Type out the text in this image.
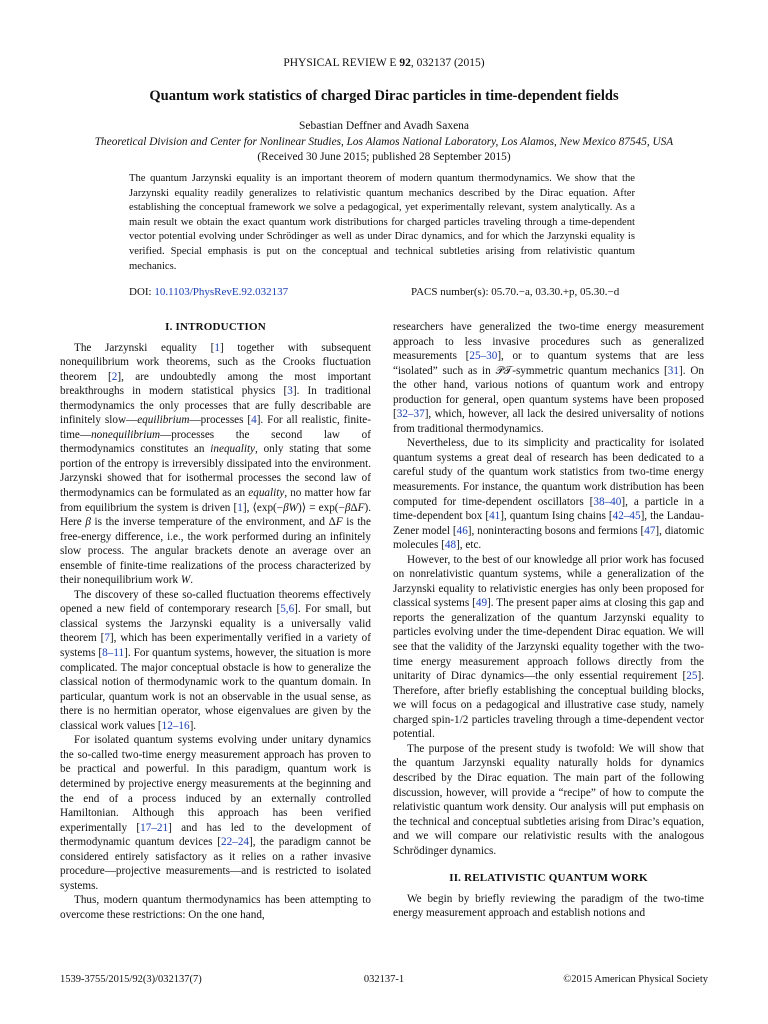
PHYSICAL REVIEW E 92, 032137 (2015)
Quantum work statistics of charged Dirac particles in time-dependent fields
Sebastian Deffner and Avadh Saxena
Theoretical Division and Center for Nonlinear Studies, Los Alamos National Laboratory, Los Alamos, New Mexico 87545, USA
(Received 30 June 2015; published 28 September 2015)

The quantum Jarzynski equality is an important theorem of modern quantum thermodynamics. We show that the Jarzynski equality readily generalizes to relativistic quantum mechanics described by the Dirac equation. After establishing the conceptual framework we solve a pedagogical, yet experimentally relevant, system analytically. As a main result we obtain the exact quantum work distributions for charged particles traveling through a time-dependent vector potential evolving under Schrödinger as well as under Dirac dynamics, and for which the Jarzynski equality is verified. Special emphasis is put on the conceptual and technical subtleties arising from relativistic quantum mechanics.

DOI: 10.1103/PhysRevE.92.032137	PACS number(s): 05.70.−a, 03.30.+p, 05.30.−d
I. INTRODUCTION

The Jarzynski equality [1] together with subsequent nonequilibrium work theorems, such as the Crooks fluctuation theorem [2], are undoubtedly among the most important breakthroughs in modern statistical physics [3]. In traditional thermodynamics the only processes that are fully describable are infinitely slow—equilibrium—processes [4]. For all realistic, finite-time—nonequilibrium—processes the second law of thermodynamics constitutes an inequality, only stating that some portion of the entropy is irreversibly dissipated into the environment. Jarzynski showed that for isothermal processes the second law of thermodynamics can be formulated as an equality, no matter how far from equilibrium the system is driven [1], ⟨exp(−βW)⟩ = exp(−βΔF). Here β is the inverse temperature of the environment, and ΔF is the free-energy difference, i.e., the work performed during an infinitely slow process. The angular brackets denote an average over an ensemble of finite-time realizations of the process characterized by their nonequilibrium work W.

The discovery of these so-called fluctuation theorems effectively opened a new field of contemporary research [5,6]. For small, but classical systems the Jarzynski equality is a universally valid theorem [7], which has been experimentally verified in a variety of systems [8–11]. For quantum systems, however, the situation is more complicated. The major conceptual obstacle is how to generalize the classical notion of thermodynamic work to the quantum domain. In particular, quantum work is not an observable in the usual sense, as there is no hermitian operator, whose eigenvalues are given by the classical work values [12–16].

For isolated quantum systems evolving under unitary dynamics the so-called two-time energy measurement approach has proven to be practical and powerful. In this paradigm, quantum work is determined by projective energy measurements at the beginning and the end of a process induced by an externally controlled Hamiltonian. Although this approach has been verified experimentally [17–21] and has led to the development of thermodynamic quantum devices [22–24], the paradigm cannot be considered entirely satisfactory as it relies on a rather invasive procedure—projective measurements—and is restricted to isolated systems.

Thus, modern quantum thermodynamics has been attempting to overcome these restrictions: On the one hand,

researchers have generalized the two-time energy measurement approach to less invasive procedures such as generalized measurements [25–30], or to quantum systems that are less “isolated” such as in 𝒫𝒯-symmetric quantum mechanics [31]. On the other hand, various notions of quantum work and entropy production for general, open quantum systems have been proposed [32–37], which, however, all lack the desired universality of notions from traditional thermodynamics.

Nevertheless, due to its simplicity and practicality for isolated quantum systems a great deal of research has been dedicated to a careful study of the quantum work statistics from two-time energy measurements. For instance, the quantum work distribution has been computed for time-dependent oscillators [38–40], a particle in a time-dependent box [41], quantum Ising chains [42–45], the Landau-Zener model [46], noninteracting bosons and fermions [47], diatomic molecules [48], etc.

However, to the best of our knowledge all prior work has focused on nonrelativistic quantum systems, while a generalization of the Jarzynski equality to relativistic energies has only been proposed for classical systems [49]. The present paper aims at closing this gap and reports the generalization of the quantum Jarzynski equality to particles evolving under the time-dependent Dirac equation. We will see that the validity of the Jarzynski equality together with the two-time energy measurement approach follows directly from the unitarity of Dirac dynamics—the only essential requirement [25]. Therefore, after briefly establishing the conceptual building blocks, we will focus on a pedagogical and illustrative case study, namely charged spin-1/2 particles traveling through a time-dependent vector potential.

The purpose of the present study is twofold: We will show that the quantum Jarzynski equality naturally holds for dynamics described by the Dirac equation. The main part of the following discussion, however, will provide a “recipe” of how to compute the relativistic quantum work density. Our analysis will put emphasis on the technical and conceptual subtleties arising from Dirac’s equation, and we will compare our relativistic results with the analogous Schrödinger dynamics.

II. RELATIVISTIC QUANTUM WORK

We begin by briefly reviewing the paradigm of the two-time energy measurement approach and establish notions and

1539-3755/2015/92(3)/032137(7)	032137-1	©2015 American Physical Society
